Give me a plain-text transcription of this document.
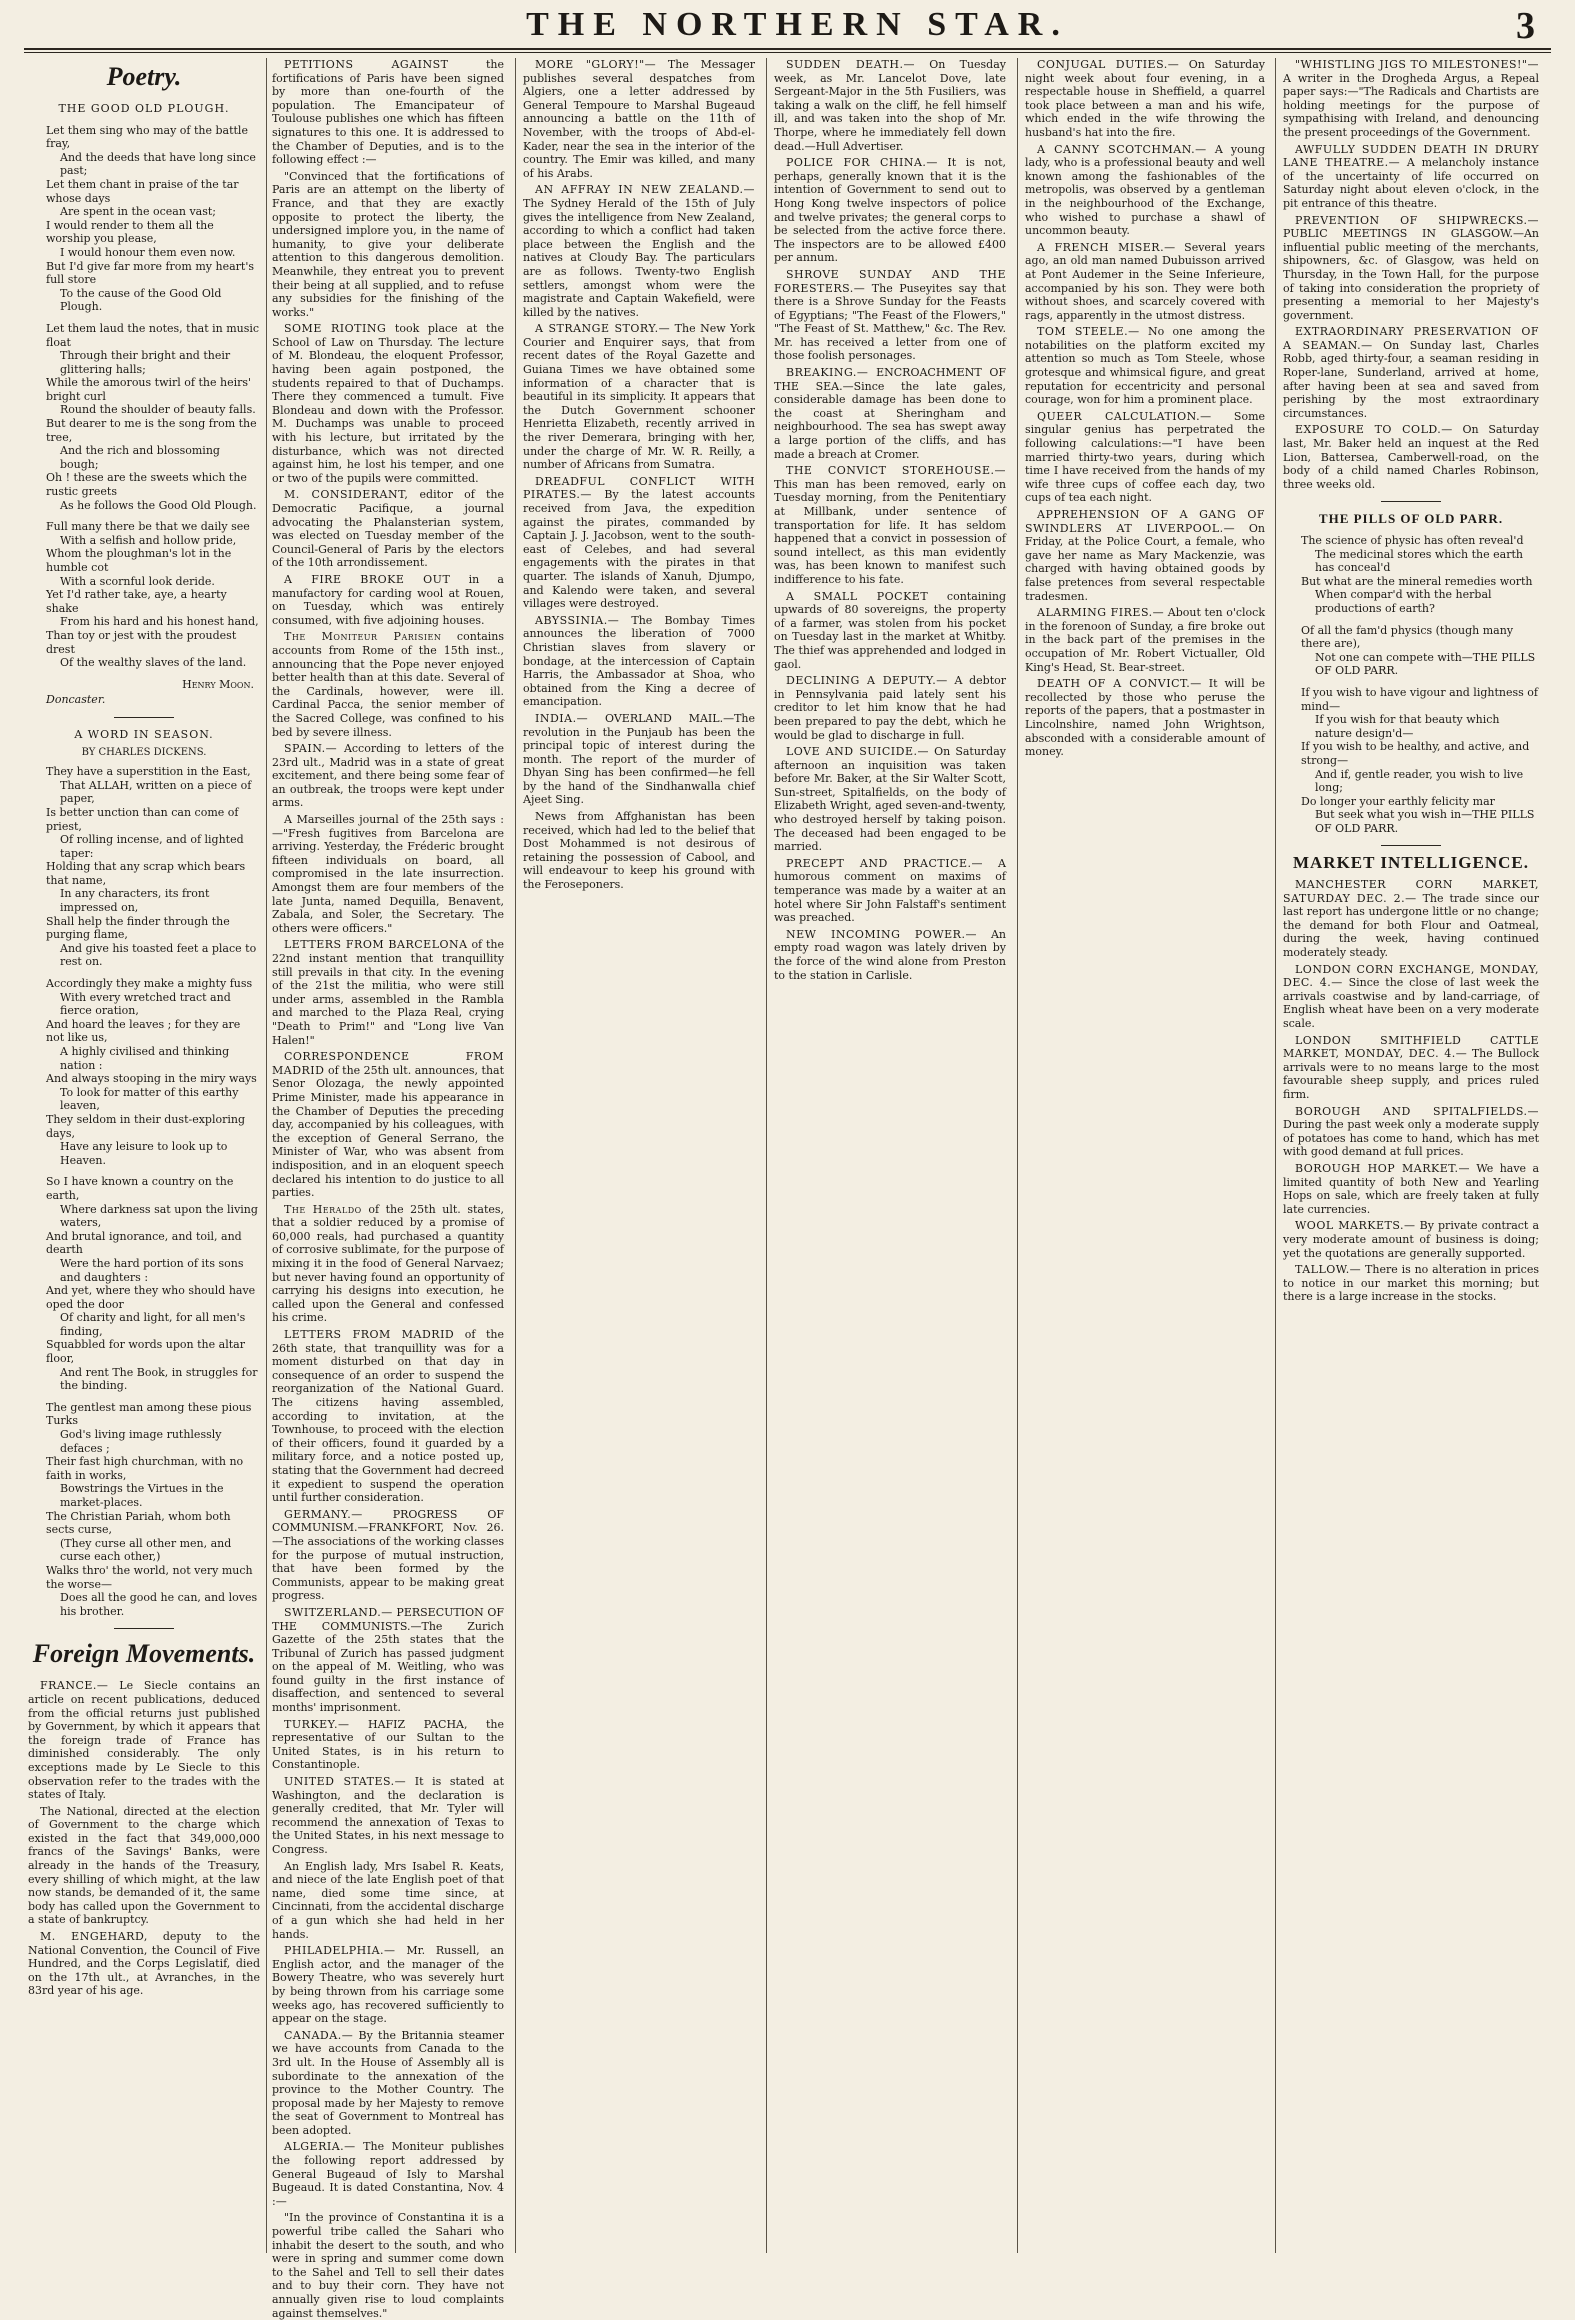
THE NORTHERN STAR.	3
Poetry.
THE GOOD OLD PLOUGH.
Let them sing who may of the battle fray,
And the deeds that have long since past;
Let them chant in praise of the tar whose days
Are spent in the ocean vast;
I would render to them all the worship you please,
I would honour them even now.
But I'd give far more from my heart's full store
To the cause of the Good Old Plough.
Let them laud the notes, that in music float
Through their bright and their glittering halls;
While the amorous twirl of the heirs' bright curl
Round the shoulder of beauty falls.
But dearer to me is the song from the tree,
And the rich and blossoming bough;
Oh ! these are the sweets which the rustic greets
As he follows the Good Old Plough.
Full many there be that we daily see
With a selfish and hollow pride,
Whom the ploughman's lot in the humble cot
With a scornful look deride.
Yet I'd rather take, aye, a hearty shake
From his hard and his honest hand,
Than toy or jest with the proudest drest
Of the wealthy slaves of the land.
Henry Moon.
Doncaster.
A WORD IN SEASON.
BY CHARLES DICKENS.
They have a superstition in the East,
That ALLAH, written on a piece of paper,
Is better unction than can come of priest,
Of rolling incense, and of lighted taper:
Holding that any scrap which bears that name,
In any characters, its front impressed on,
Shall help the finder through the purging flame,
And give his toasted feet a place to rest on.
Accordingly they make a mighty fuss
With every wretched tract and fierce oration,
And hoard the leaves ; for they are not like us,
A highly civilised and thinking nation :
And always stooping in the miry ways
To look for matter of this earthy leaven,
They seldom in their dust-exploring days,
Have any leisure to look up to Heaven.
So I have known a country on the earth,
Where darkness sat upon the living waters,
And brutal ignorance, and toil, and dearth
Were the hard portion of its sons and daughters :
And yet, where they who should have oped the door
Of charity and light, for all men's finding,
Squabbled for words upon the altar floor,
And rent The Book, in struggles for the binding.
The gentlest man among these pious Turks
God's living image ruthlessly defaces ;
Their fast high churchman, with no faith in works,
Bowstrings the Virtues in the market-places.
The Christian Pariah, whom both sects curse,
(They curse all other men, and curse each other,)
Walks thro' the world, not very much the worse—
Does all the good he can, and loves his brother.
Foreign Movements.

FRANCE.— Le Siecle contains an article on recent publications, deduced from the official returns just published by Government, by which it appears that the foreign trade of France has diminished considerably. The only exceptions made by Le Siecle to this observation refer to the trades with the states of Italy.

The National, directed at the election of Government to the charge which existed in the fact that 349,000,000 francs of the Savings' Banks, were already in the hands of the Treasury, every shilling of which might, at the law now stands, be demanded of it, the same body has called upon the Government to a state of bankruptcy.

M. ENGEHARD, deputy to the National Convention, the Council of Five Hundred, and the Corps Legislatif, died on the 17th ult., at Avranches, in the 83rd year of his age.

PETITIONS AGAINST	the fortifications of Paris have been signed by more than one-fourth of the population. The Emancipateur of Toulouse publishes one which has fifteen signatures to this one. It is addressed to the Chamber of Deputies, and is to the following effect :—

"Convinced that the fortifications of Paris are an attempt on the liberty of France, and that they are exactly opposite to protect the liberty, the undersigned implore you, in the name of humanity, to give your deliberate attention to this dangerous demolition. Meanwhile, they entreat you to prevent their being at all supplied, and to refuse any subsidies for the finishing of the works."

SOME RIOTING took place at the School of Law on Thursday. The lecture of M. Blondeau, the eloquent Professor, having been again postponed, the students repaired to that of Duchamps. There they commenced a tumult. Five Blondeau and down with the Professor. M. Duchamps was unable to proceed with his lecture, but irritated by the disturbance, which was not directed against him, he lost his temper, and one or two of the pupils were committed.

M. CONSIDERANT, editor of the Democratic Pacifique, a journal advocating the Phalansterian system, was elected on Tuesday member of the Council-General of Paris by the electors of the 10th arrondissement.

A FIRE BROKE OUT in a manufactory for carding wool at Rouen, on Tuesday, which was entirely consumed, with five adjoining houses.

The Moniteur Parisien contains accounts from Rome of the 15th inst., announcing that the Pope never enjoyed better health than at this date. Several of the Cardinals, however, were ill. Cardinal Pacca, the senior member of the Sacred College, was confined to his bed by severe illness.

SPAIN.— According to letters of the 23rd ult., Madrid was in a state of great excitement, and there being some fear of an outbreak, the troops were kept under arms.

A Marseilles journal of the 25th says :—"Fresh fugitives from Barcelona are arriving. Yesterday, the Fréderic brought fifteen individuals on board, all compromised in the late insurrection. Amongst them are four members of the late Junta, named Dequilla, Benavent, Zabala, and Soler, the Secretary. The others were officers."

LETTERS FROM BARCELONA of the 22nd instant mention that tranquillity still prevails in that city. In the evening of the 21st the militia, who were still under arms, assembled in the Rambla and marched to the Plaza Real, crying "Death to Prim!" and "Long live Van Halen!"

CORRESPONDENCE FROM MADRID of the 25th ult. announces, that Senor Olozaga, the newly appointed Prime Minister, made his appearance in the Chamber of Deputies the preceding day, accompanied by his colleagues, with the exception of General Serrano, the Minister of War, who was absent from indisposition, and in an eloquent speech declared his intention to do justice to all parties.

The Heraldo of the 25th ult. states, that a soldier reduced by a promise of 60,000 reals, had purchased a quantity of corrosive sublimate, for the purpose of mixing it in the food of General Narvaez; but never having found an opportunity of carrying his designs into execution, he called upon the General and confessed his crime.

LETTERS FROM MADRID of the 26th state, that tranquillity was for a moment disturbed on that day in consequence of an order to suspend the reorganization of the National Guard. The citizens having assembled, according to invitation, at the Townhouse, to proceed with the election of their officers, found it guarded by a military force, and a notice posted up, stating that the Government had decreed it expedient to suspend the operation until further consideration.

GERMANY.—	PROGRESS OF COMMUNISM.—FRANKFORT, Nov. 26.—The associations of the working classes for the purpose of mutual instruction, that have been formed by the Communists, appear to be making great progress.

SWITZERLAND.— PERSECUTION OF THE COMMUNISTS.—The Zurich Gazette of the 25th states that the Tribunal of Zurich has passed judgment on the appeal of M. Weitling, who was found guilty in the first instance of disaffection, and sentenced to several months' imprisonment.

TURKEY.— HAFIZ PACHA, the representative of our Sultan to the United States, is in his return to Constantinople.

UNITED STATES.— It is stated at Washington, and the declaration is generally credited, that Mr. Tyler will recommend the annexation of Texas to the United States, in his next message to Congress.

An English lady, Mrs Isabel R. Keats, and niece of the late English poet of that name, died some time since, at Cincinnati, from the accidental discharge of a gun which she had held in her hands.

PHILADELPHIA.— Mr. Russell, an English actor, and the manager of the Bowery Theatre, who was severely hurt by being thrown from his carriage some weeks ago, has recovered sufficiently to appear on the stage.

CANADA.— By the Britannia steamer we have accounts from Canada to the 3rd ult. In the House of Assembly all is subordinate to the annexation of the province to the Mother Country. The proposal made by her Majesty to remove the seat of Government to Montreal has been adopted.

ALGERIA.— The Moniteur publishes the following report addressed by General Bugeaud of Isly to Marshal Bugeaud. It is dated Constantina, Nov. 4 :—

"In the province of Constantina it is a powerful tribe called the Sahari who inhabit the desert to the south, and who were in spring and summer come down to the Sahel and Tell to sell their dates and to buy their corn. They have not annually given rise to loud complaints against themselves."

MORE "GLORY!"— The Messager publishes several despatches from Algiers, one a letter addressed by General Tempoure to Marshal Bugeaud announcing a battle on the 11th of November, with the troops of Abd-el-Kader, near the sea in the interior of the country. The Emir was killed, and many of his Arabs.

AN AFFRAY IN NEW ZEALAND.— The Sydney Herald of the 15th of July gives the intelligence from New Zealand, according to which a conflict had taken place between the English and the natives at Cloudy Bay. The particulars are as follows. Twenty-two English settlers, amongst whom were the magistrate and Captain Wakefield, were killed by the natives.

A STRANGE STORY.— The New York Courier and Enquirer says, that from recent dates of the Royal Gazette and Guiana Times we have obtained some information of a character that is beautiful in its simplicity. It appears that the Dutch Government schooner Henrietta Elizabeth, recently arrived in the river Demerara, bringing with her, under the charge of Mr. W. R. Reilly, a number of Africans from Sumatra.

DREADFUL CONFLICT WITH PIRATES.— By the latest accounts received from Java, the expedition against the pirates, commanded by Captain J. J. Jacobson, went to the south-east of Celebes, and had several engagements with the pirates in that quarter. The islands of Xanuh, Djumpo, and Kalendo were taken, and several villages were destroyed.

ABYSSINIA.— The Bombay Times announces the liberation of 7000 Christian slaves from slavery or bondage, at the intercession of Captain Harris, the Ambassador at Shoa, who obtained from the King a decree of emancipation.

INDIA.— OVERLAND MAIL.—The revolution in the Punjaub has been the principal topic of interest during the month. The report of the murder of Dhyan Sing has been confirmed—he fell by the hand of the Sindhanwalla chief Ajeet Sing.

News from Affghanistan has been received, which had led to the belief that Dost Mohammed is not desirous of retaining the possession of Cabool, and will endeavour to keep his ground with the Feroseponers.

SUDDEN DEATH.— On Tuesday week, as Mr. Lancelot Dove, late Sergeant-Major in the 5th Fusiliers, was taking a walk on the cliff, he fell himself ill, and was taken into the shop of Mr. Thorpe, where he immediately fell down dead.—Hull Advertiser.

POLICE FOR CHINA.— It is not, perhaps, generally known that it is the intention of Government to send out to Hong Kong twelve inspectors of police and twelve privates; the general corps to be selected from the active force there. The inspectors are to be allowed £400 per annum.

SHROVE SUNDAY AND THE FORESTERS.— The Puseyites say that there is a Shrove Sunday for the Feasts of Egyptians; "The Feast of the Flowers," "The Feast of St. Matthew," &c. The Rev. Mr. has received a letter from one of those foolish personages.

BREAKING.— ENCROACHMENT OF THE SEA.—Since the late gales, considerable damage has been done to the coast at Sheringham and neighbourhood. The sea has swept away a large portion of the cliffs, and has made a breach at Cromer.

THE CONVICT STOREHOUSE.— This man has been removed, early on Tuesday morning, from the Penitentiary at Millbank, under sentence of transportation for life. It has seldom happened that a convict in possession of sound intellect, as this man evidently was, has been known to manifest such indifference to his fate.

A SMALL POCKET containing upwards of 80 sovereigns, the property of a farmer, was stolen from his pocket on Tuesday last in the market at Whitby. The thief was apprehended and lodged in gaol.

DECLINING A DEPUTY.— A debtor in Pennsylvania paid lately sent his creditor to let him know that he had been prepared to pay the debt, which he would be glad to discharge in full.

LOVE AND SUICIDE.— On Saturday afternoon an inquisition was taken before Mr. Baker, at the Sir Walter Scott, Sun-street, Spitalfields, on the body of Elizabeth Wright, aged seven-and-twenty, who destroyed herself by taking poison. The deceased had been engaged to be married.

PRECEPT AND PRACTICE.— A humorous comment on maxims of temperance was made by a waiter at an hotel where Sir John Falstaff's sentiment was preached.

NEW INCOMING POWER.— An empty road wagon was lately driven by the force of the wind alone from Preston to the station in Carlisle.

CONJUGAL DUTIES.— On Saturday night week about four evening, in a respectable house in Sheffield, a quarrel took place between a man and his wife, which ended in the wife throwing the husband's hat into the fire.

A CANNY SCOTCHMAN.— A young lady, who is a professional beauty and well known among the fashionables of the metropolis, was observed by a gentleman in the neighbourhood of the Exchange, who wished to purchase a shawl of uncommon beauty.

A FRENCH MISER.— Several years ago, an old man named Dubuisson arrived at Pont Audemer in the Seine Inferieure, accompanied by his son. They were both without shoes, and scarcely covered with rags, apparently in the utmost distress.

TOM STEELE.— No one among the notabilities on the platform excited my attention so much as Tom Steele, whose grotesque and whimsical figure, and great reputation for eccentricity and personal courage, won for him a prominent place.

QUEER CALCULATION.— Some singular genius has perpetrated the following calculations:—"I have been married thirty-two years, during which time I have received from the hands of my wife three cups of coffee each day, two cups of tea each night.

APPREHENSION OF A GANG OF SWINDLERS AT LIVERPOOL.— On Friday, at the Police Court, a female, who gave her name as Mary Mackenzie, was charged with having obtained goods by false pretences from several respectable tradesmen.

ALARMING FIRES.— About ten o'clock in the forenoon of Sunday, a fire broke out in the back part of the premises in the occupation of Mr. Robert Victualler, Old King's Head, St. Bear-street.

DEATH OF A CONVICT.— It will be recollected by those who peruse the reports of the papers, that a postmaster in Lincolnshire, named John Wrightson, absconded with a considerable amount of money.

"WHISTLING JIGS TO MILESTONES!"— A writer in the Drogheda Argus, a Repeal paper says:—"The Radicals and Chartists are holding meetings for the purpose of sympathising with Ireland, and denouncing the present proceedings of the Government.

AWFULLY SUDDEN DEATH IN DRURY LANE THEATRE.— A melancholy instance of the uncertainty of life occurred on Saturday night about eleven o'clock, in the pit entrance of this theatre.

PREVENTION OF SHIPWRECKS.— PUBLIC MEETINGS IN GLASGOW.—An influential public meeting of the merchants, shipowners, &c. of Glasgow, was held on Thursday, in the Town Hall, for the purpose of taking into consideration the propriety of presenting a memorial to her Majesty's government.

EXTRAORDINARY PRESERVATION OF A SEAMAN.— On Sunday last, Charles Robb, aged thirty-four, a seaman residing in Roper-lane, Sunderland, arrived at home, after having been at sea and saved from perishing by the most extraordinary circumstances.

EXPOSURE TO COLD.— On Saturday last, Mr. Baker held an inquest at the Red Lion, Battersea, Camberwell-road, on the body of a child named Charles Robinson, three weeks old.

THE PILLS OF OLD PARR.
The science of physic has often reveal'd
The medicinal stores which the earth has conceal'd
But what are the mineral remedies worth
When compar'd with the herbal productions of earth?
Of all the fam'd physics (though many there are),
Not one can compete with—THE PILLS OF OLD PARR.
If you wish to have vigour and lightness of mind—
If you wish for that beauty which nature design'd—
If you wish to be healthy, and active, and strong—
And if, gentle reader, you wish to live long;
Do longer your earthly felicity mar
But seek what you wish in—THE PILLS OF OLD PARR.
MARKET INTELLIGENCE.

MANCHESTER CORN MARKET, SATURDAY DEC. 2.— The trade since our last report has undergone little or no change; the demand for both Flour and Oatmeal, during the week, having continued moderately steady.

LONDON CORN EXCHANGE, MONDAY, DEC. 4.— Since the close of last week the arrivals coastwise and by land-carriage, of English wheat have been on a very moderate scale.

LONDON SMITHFIELD CATTLE MARKET, MONDAY, DEC. 4.— The Bullock arrivals were to no means large to the most favourable sheep supply, and prices ruled firm.

BOROUGH AND SPITALFIELDS.— During the past week only a moderate supply of potatoes has come to hand, which has met with good demand at full prices.

BOROUGH HOP MARKET.— We have a limited quantity of both New and Yearling Hops on sale, which are freely taken at fully late currencies.

WOOL MARKETS.— By private contract a very moderate amount of business is doing; yet the quotations are generally supported.

TALLOW.— There is no alteration in prices to notice in our market this morning; but there is a large increase in the stocks.
